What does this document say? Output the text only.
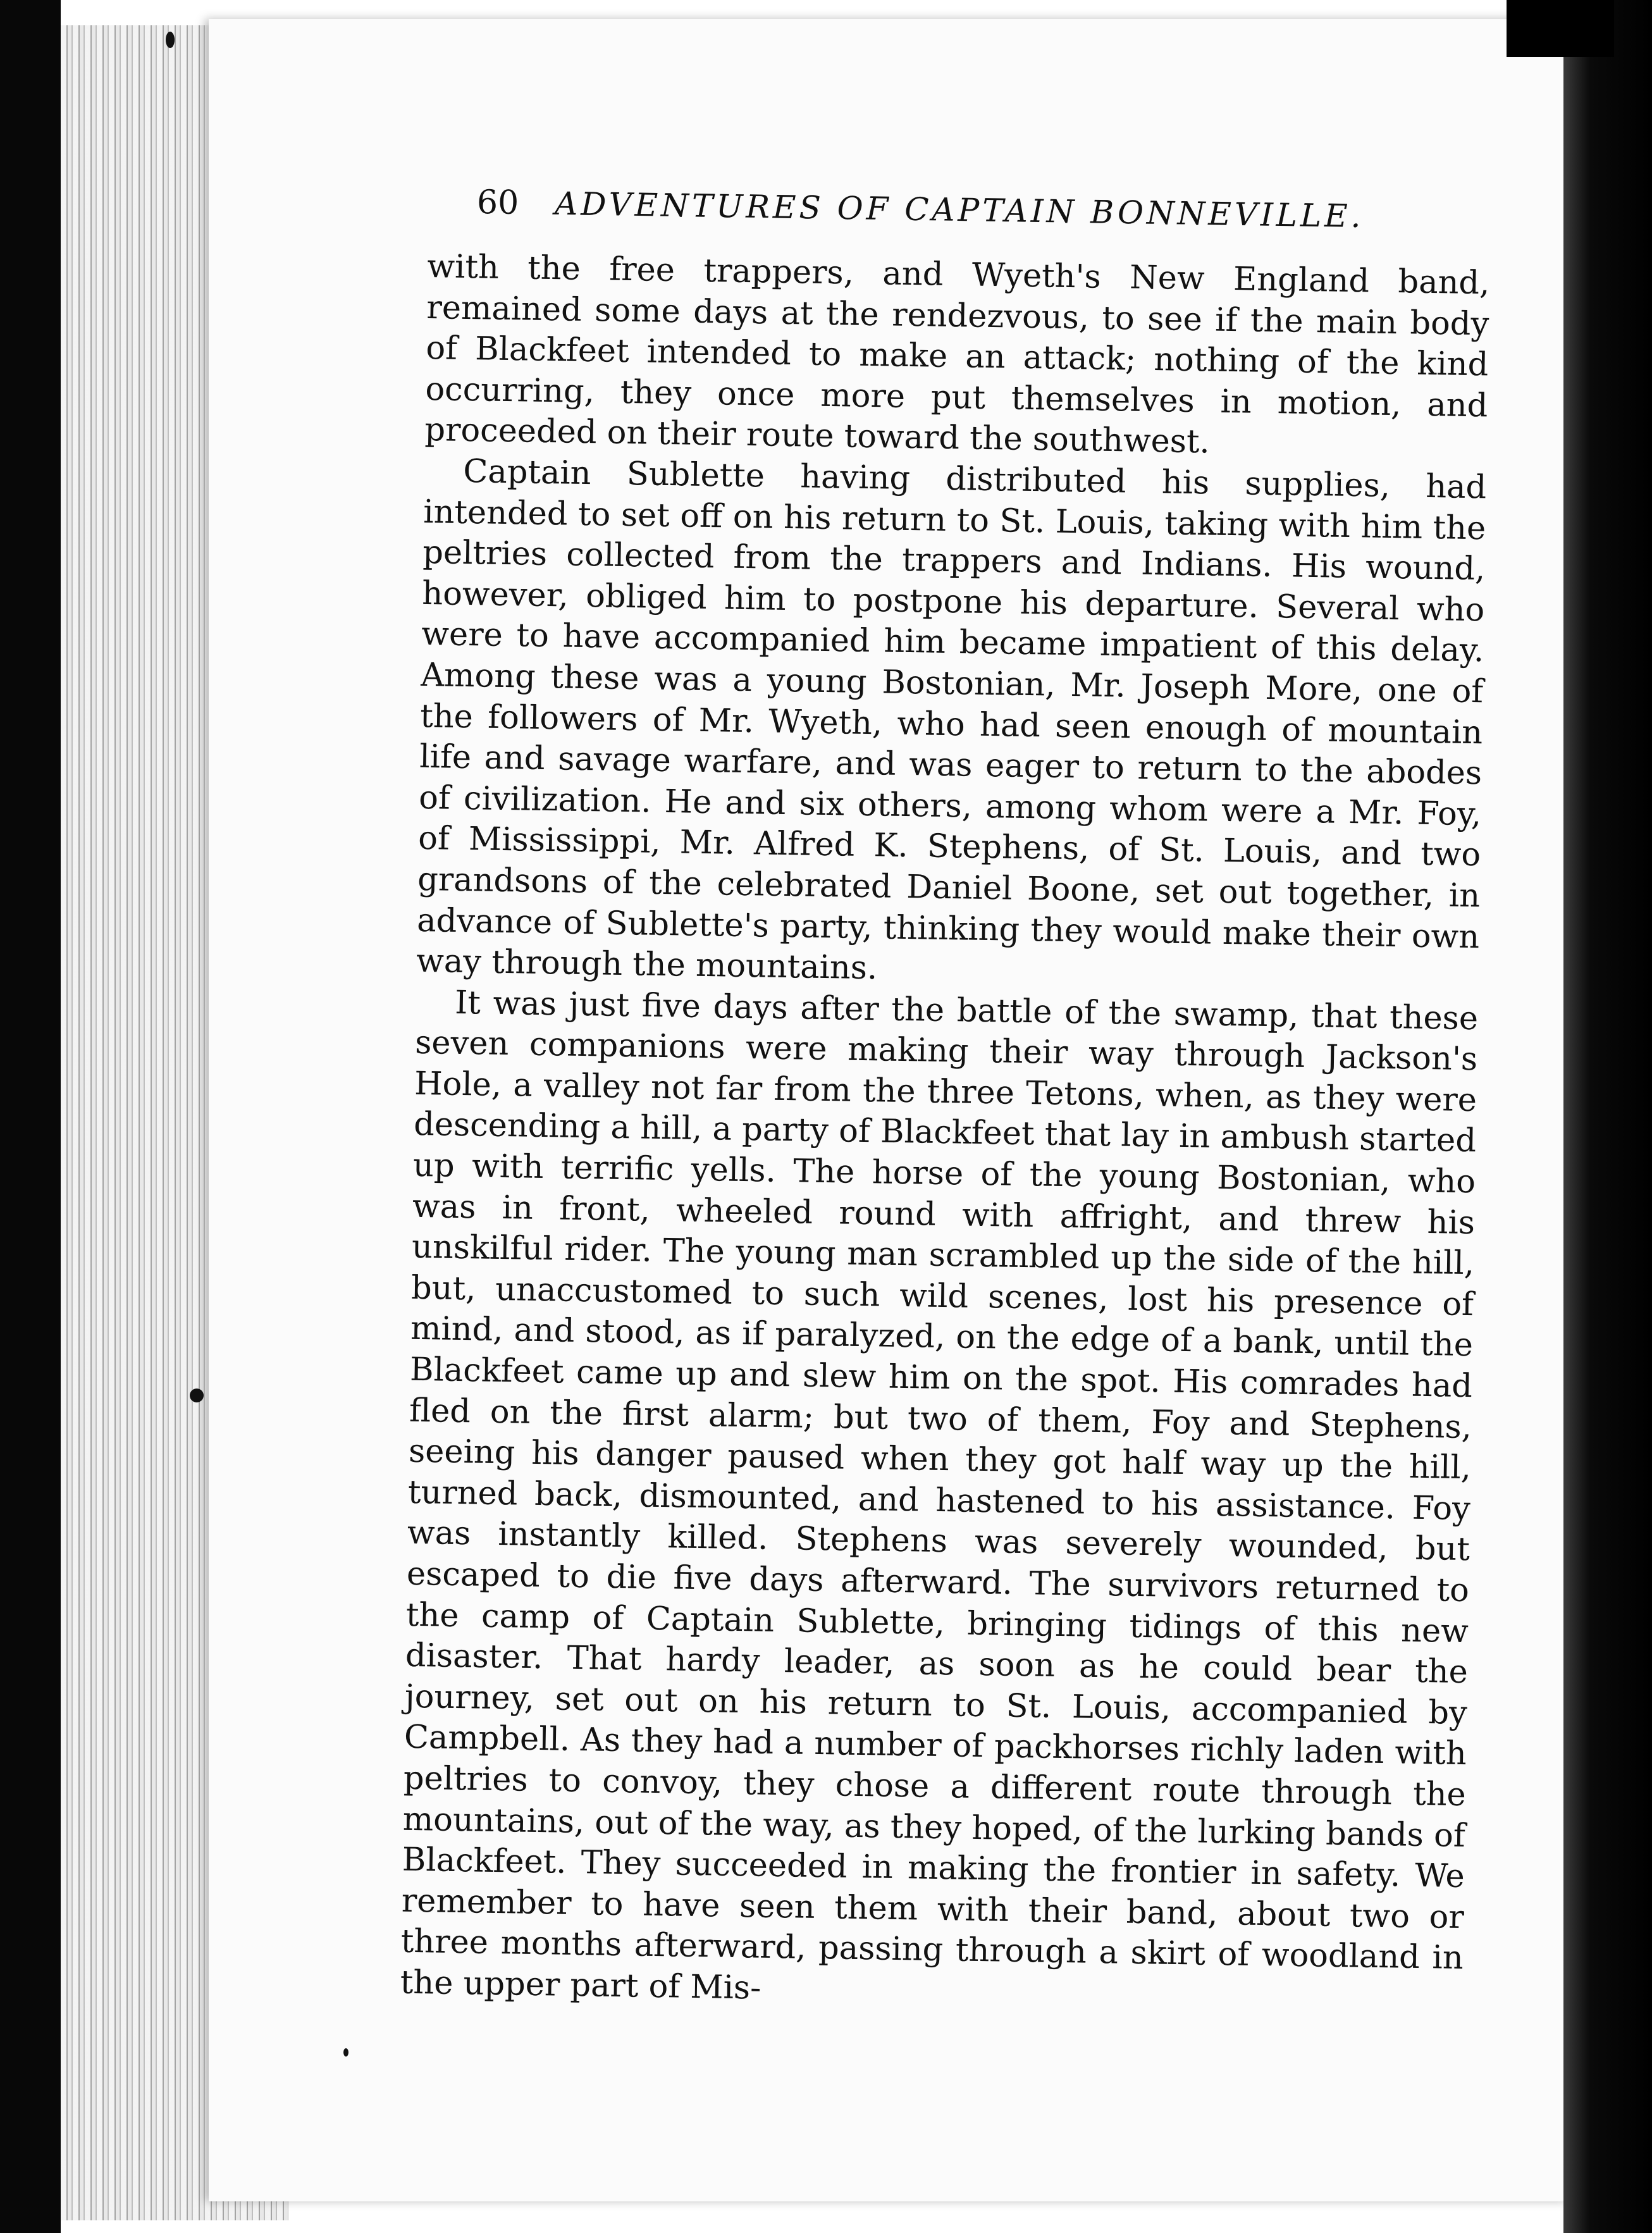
60 ADVENTURES OF CAPTAIN BONNEVILLE.

with the free trappers, and Wyeth's New England band, remained some days at the rendezvous, to see if the main body of Blackfeet intended to make an attack; nothing of the kind occurring, they once more put themselves in motion, and proceeded on their route toward the southwest.

Captain Sublette having distributed his supplies, had intended to set off on his return to St. Louis, taking with him the peltries collected from the trappers and Indians. His wound, however, obliged him to postpone his departure. Several who were to have accompanied him became impatient of this delay. Among these was a young Bostonian, Mr. Joseph More, one of the followers of Mr. Wyeth, who had seen enough of mountain life and savage warfare, and was eager to return to the abodes of civilization. He and six others, among whom were a Mr. Foy, of Mississippi, Mr. Alfred K. Stephens, of St. Louis, and two grandsons of the celebrated Daniel Boone, set out together, in advance of Sublette's party, thinking they would make their own way through the mountains.

It was just five days after the battle of the swamp, that these seven companions were making their way through Jackson's Hole, a valley not far from the three Tetons, when, as they were descending a hill, a party of Blackfeet that lay in ambush started up with terrific yells. The horse of the young Bostonian, who was in front, wheeled round with affright, and threw his unskilful rider. The young man scrambled up the side of the hill, but, unaccustomed to such wild scenes, lost his presence of mind, and stood, as if paralyzed, on the edge of a bank, until the Blackfeet came up and slew him on the spot. His comrades had fled on the first alarm; but two of them, Foy and Stephens, seeing his danger paused when they got half way up the hill, turned back, dismounted, and hastened to his assistance. Foy was instantly killed. Stephens was severely wounded, but escaped to die five days afterward. The survivors returned to the camp of Captain Sublette, bringing tidings of this new disaster. That hardy leader, as soon as he could bear the journey, set out on his return to St. Louis, accompanied by Campbell. As they had a number of packhorses richly laden with peltries to convoy, they chose a different route through the mountains, out of the way, as they hoped, of the lurking bands of Blackfeet. They succeeded in making the frontier in safety. We remember to have seen them with their band, about two or three months afterward, passing through a skirt of woodland in the upper part of Mis-
